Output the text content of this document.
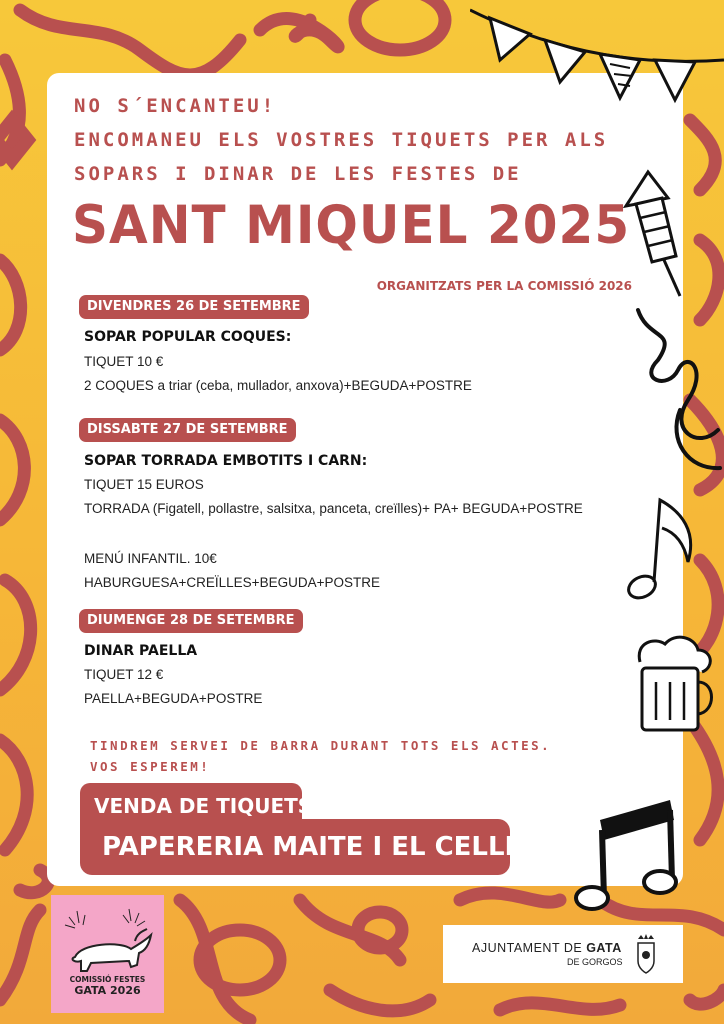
NO S´ENCANTEU!

ENCOMANEU ELS VOSTRES TIQUETS PER ALS

SOPARS I DINAR DE LES FESTES DE

SANT MIQUEL 2025
ORGANITZATS PER LA COMISSIÓ 2026
DIVENDRES 26 DE SETEMBRE
SOPAR POPULAR COQUES:
TIQUET 10 €
2 COQUES a triar (ceba, mullador, anxova)+BEGUDA+POSTRE
DISSABTE 27 DE SETEMBRE
SOPAR TORRADA EMBOTITS I CARN:
TIQUET 15 EUROS
TORRADA (Figatell, pollastre, salsitxa, panceta, creïlles)+ PA+ BEGUDA+POSTRE
MENÚ INFANTIL. 10€
HABURGUESA+CREÏLLES+BEGUDA+POSTRE
DIUMENGE 28 DE SETEMBRE
DINAR PAELLA
TIQUET 12 €
PAELLA+BEGUDA+POSTRE
TINDREM SERVEI DE BARRA DURANT TOTS ELS ACTES.
VOS ESPEREM!
VENDA DE TIQUETS:
PAPERERIA MAITE I EL CELLER
COMISSIÓ FESTES
GATA 2026
AJUNTAMENT DE GATA
DE GORGOS
